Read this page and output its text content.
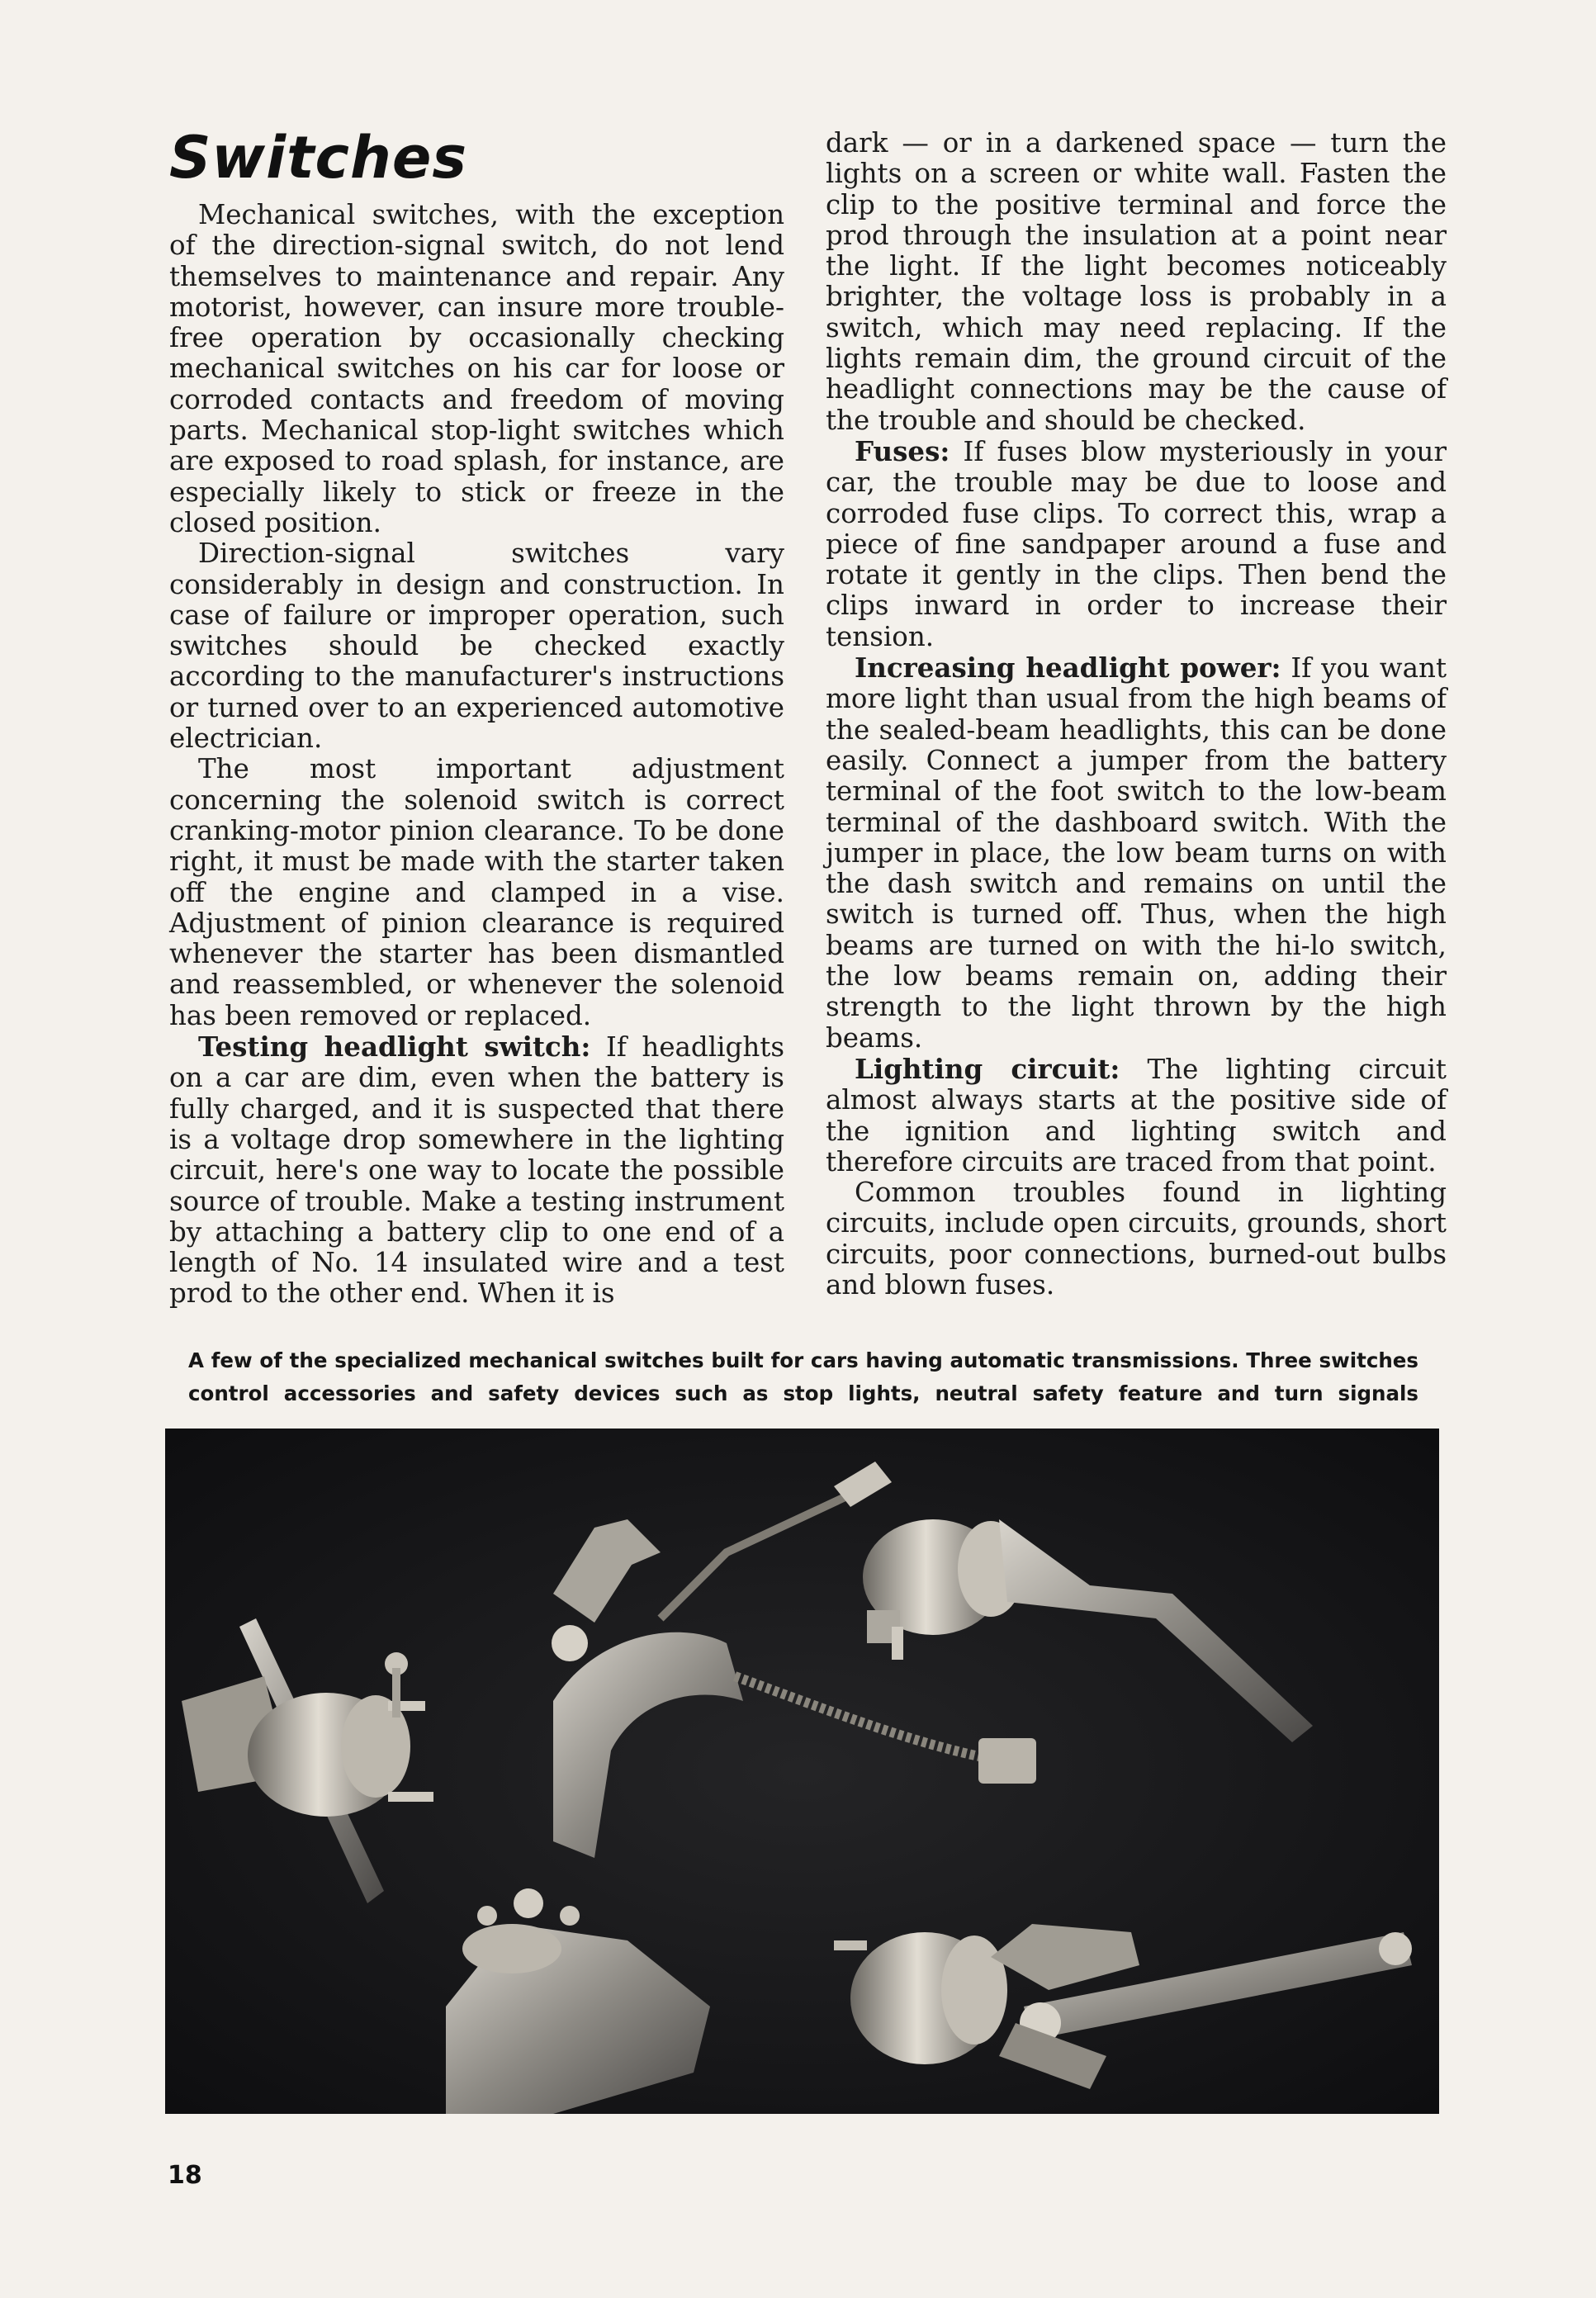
Switches

Mechanical switches, with the exception of the direction-signal switch, do not lend themselves to maintenance and repair. Any motorist, however, can insure more trouble-free operation by occasionally checking mechanical switches on his car for loose or corroded contacts and freedom of moving parts. Mechanical stop-light switches which are exposed to road splash, for instance, are especially likely to stick or freeze in the closed position.

Direction-signal switches vary considerably in design and construction. In case of failure or improper operation, such switches should be checked exactly according to the manufacturer's instructions or turned over to an experienced automotive electrician.

The most important adjustment concerning the solenoid switch is correct cranking-motor pinion clearance. To be done right, it must be made with the starter taken off the engine and clamped in a vise. Adjustment of pinion clearance is required whenever the starter has been dismantled and reassembled, or whenever the solenoid has been removed or replaced.

Testing headlight switch: If headlights on a car are dim, even when the battery is fully charged, and it is suspected that there is a voltage drop somewhere in the lighting circuit, here's one way to locate the possible source of trouble. Make a testing instrument by attaching a battery clip to one end of a length of No. 14 insulated wire and a test prod to the other end. When it is

dark — or in a darkened space — turn the lights on a screen or white wall. Fasten the clip to the positive terminal and force the prod through the insulation at a point near the light. If the light becomes noticeably brighter, the voltage loss is probably in a switch, which may need replacing. If the lights remain dim, the ground circuit of the headlight connections may be the cause of the trouble and should be checked.

Fuses: If fuses blow mysteriously in your car, the trouble may be due to loose and corroded fuse clips. To correct this, wrap a piece of fine sandpaper around a fuse and rotate it gently in the clips. Then bend the clips inward in order to increase their tension.

Increasing headlight power: If you want more light than usual from the high beams of the sealed-beam headlights, this can be done easily. Connect a jumper from the battery terminal of the foot switch to the low-beam terminal of the dashboard switch. With the jumper in place, the low beam turns on with the dash switch and remains on until the switch is turned off. Thus, when the high beams are turned on with the hi-lo switch, the low beams remain on, adding their strength to the light thrown by the high beams.

Lighting circuit: The lighting circuit almost always starts at the positive side of the ignition and lighting switch and therefore circuits are traced from that point.

Common troubles found in lighting circuits, include open circuits, grounds, short circuits, poor connections, burned-out bulbs and blown fuses.

A few of the specialized mechanical switches built for cars having automatic transmissions. Three switches control accessories and safety devices such as stop lights, neutral safety feature and turn signals
18
